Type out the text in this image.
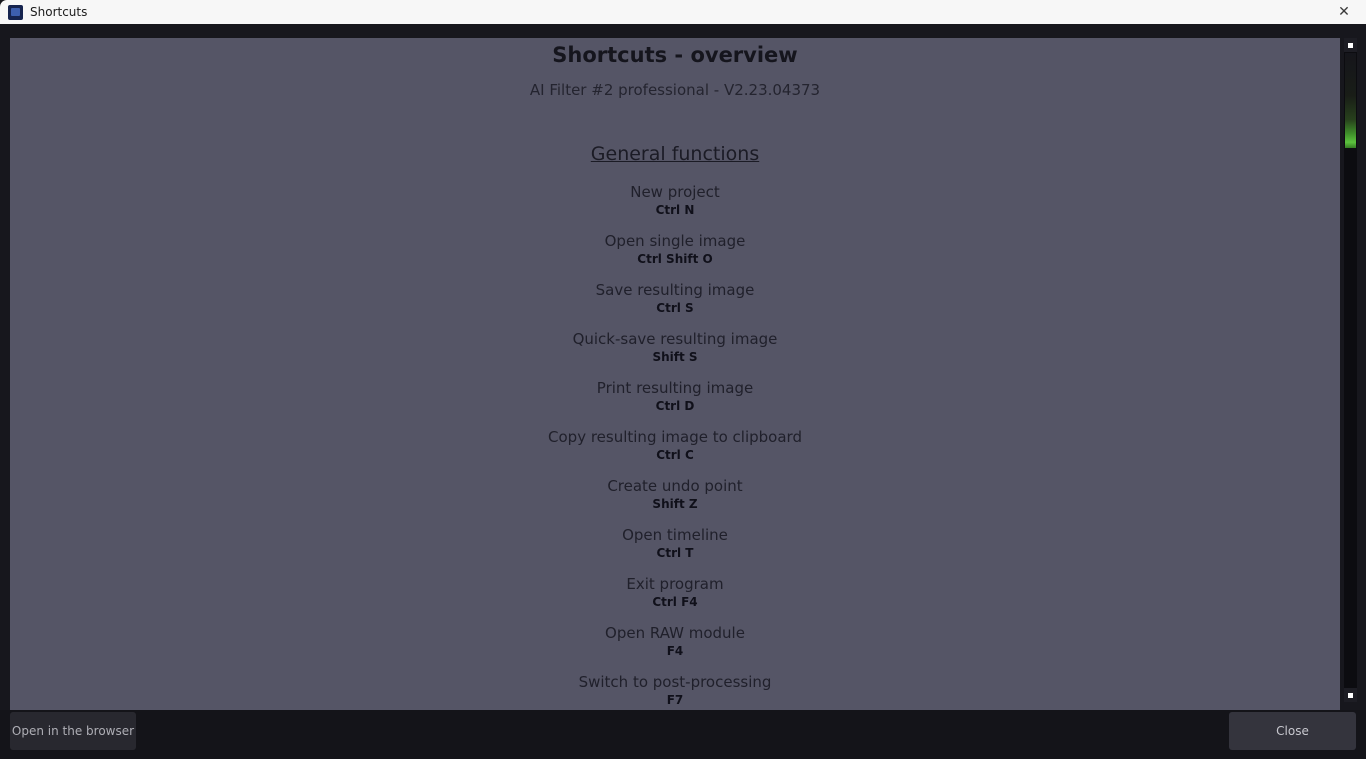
Shortcuts	✕
Shortcuts - overview
AI Filter #2 professional - V2.23.04373
General functions
New project
Ctrl N
Open single image
Ctrl Shift O
Save resulting image
Ctrl S
Quick-save resulting image
Shift S
Print resulting image
Ctrl D
Copy resulting image to clipboard
Ctrl C
Create undo point
Shift Z
Open timeline
Ctrl T
Exit program
Ctrl F4
Open RAW module
F4
Switch to post-processing
F7
Open in the browser	Close
